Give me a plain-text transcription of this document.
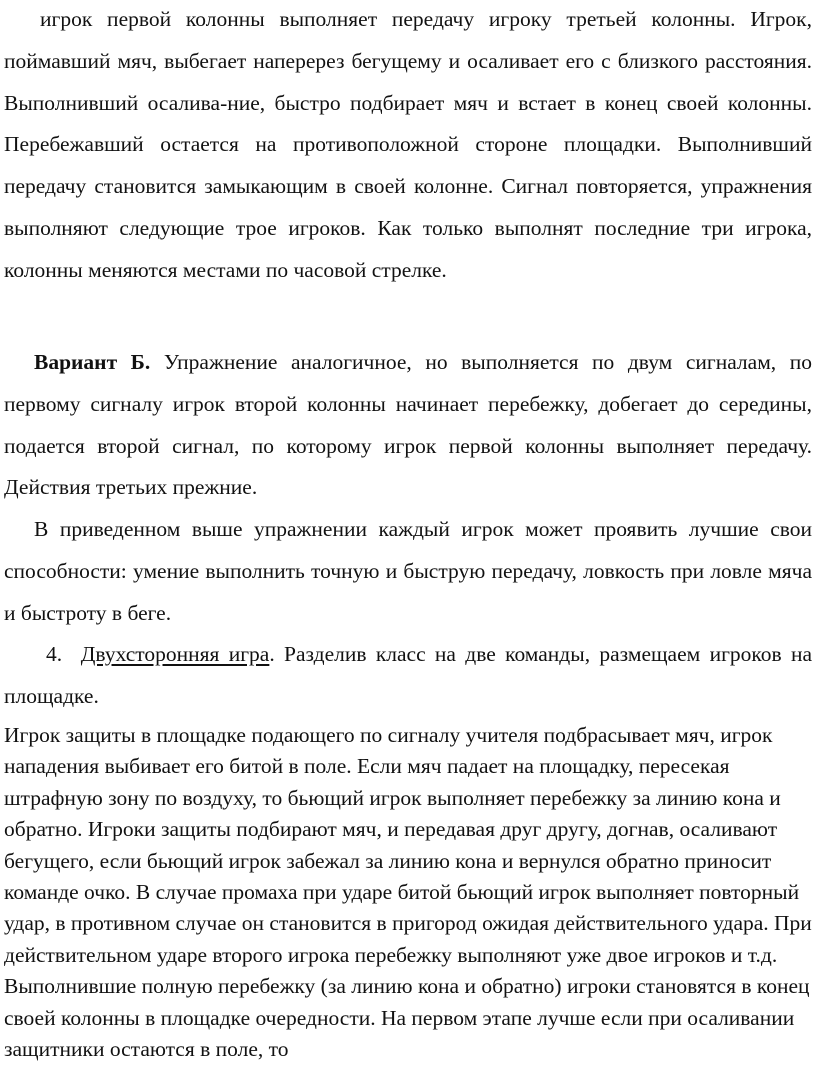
игрок первой колонны выполняет передачу игроку третьей колонны. Игрок, поймавший мяч, выбегает наперерез бегущему и осаливает его с близкого расстояния. Выполнивший осалива-ние, быстро подбирает мяч и встает в конец своей колонны. Перебежавший остается на противоположной стороне площадки. Выполнивший передачу становится замыкающим в своей колонне. Сигнал повторяется, упражнения выполняют следующие трое игроков. Как только выполнят последние три игрока, колонны меняются местами по часовой стрелке.

Вариант Б. Упражнение аналогичное, но выполняется по двум сигналам, по первому сигналу игрок второй колонны начинает перебежку, добегает до середины, подается второй сигнал, по которому игрок первой колонны выполняет передачу. Действия третьих прежние.

В приведенном выше упражнении каждый игрок может проявить лучшие свои способности: умение выполнить точную и быструю передачу, ловкость при ловле мяча и быстроту в беге.

4. Двухсторонняя игра. Разделив класс на две команды, размещаем игроков на площадке.

Игрок защиты в площадке подающего по сигналу учителя подбрасывает мяч, игрок нападения выбивает его битой в поле. Если мяч падает на площадку, пересекая штрафную зону по воздуху, то бьющий игрок выполняет перебежку за линию кона и обратно. Игроки защиты подбирают мяч, и передавая друг другу, догнав, осаливают бегущего, если бьющий игрок забежал за линию кона и вернулся обратно приносит команде очко. В случае промаха при ударе битой бьющий игрок выполняет повторный удар, в противном случае он становится в пригород ожидая действительного удара. При действительном ударе второго игрока перебежку выполняют уже двое игроков и т.д. Выполнившие полную перебежку (за линию кона и обратно) игроки становятся в конец своей колонны в площадке очередности. На первом этапе лучше если при осаливании защитники остаются в поле, то
